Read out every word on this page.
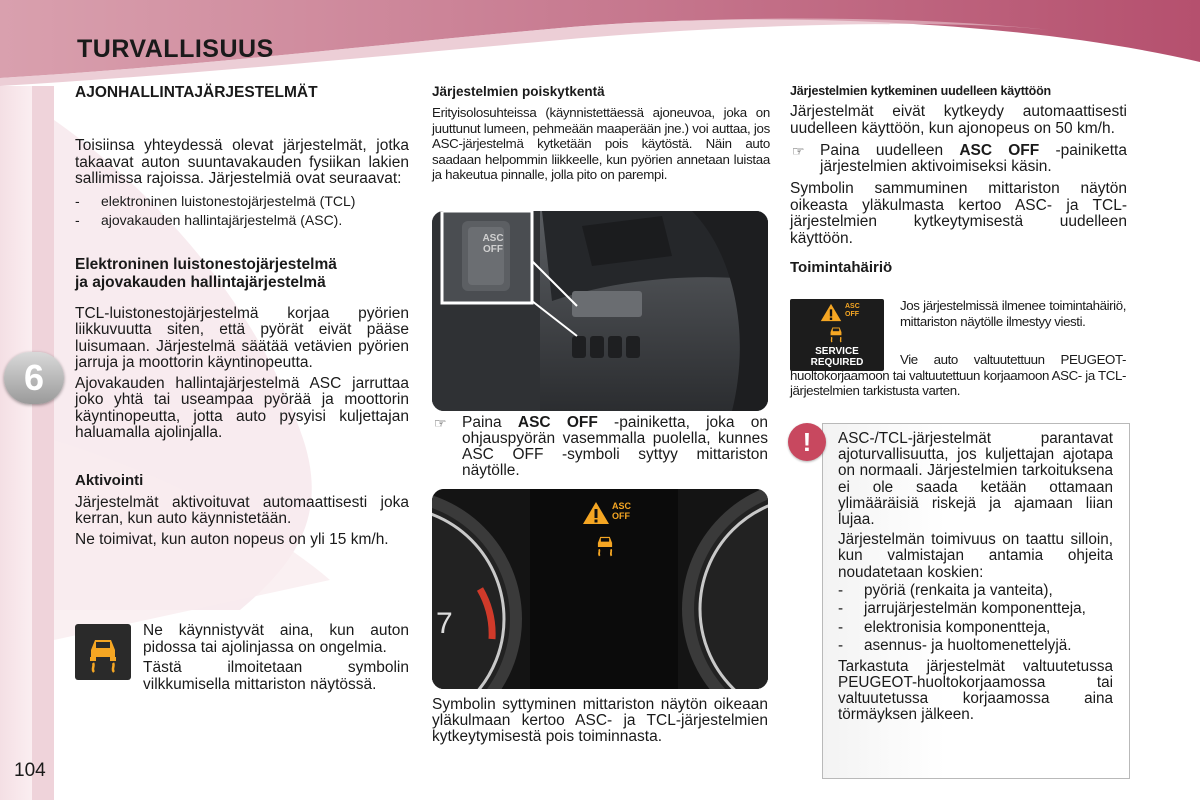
TURVALLISUUS
6
104
AJONHALLINTAJÄRJESTELMÄT

Toisiinsa yhteydessä olevat järjestelmät, jotka takaavat auton suuntavakauden fysiikan lakien sallimissa rajoissa. Järjestelmiä ovat seuraavat:

- elektroninen luistonestojärjestelmä (TCL)
- ajovakauden hallintajärjestelmä (ASC).
Elektroninen luistonestojärjestelmä
ja ajovakauden hallintajärjestelmä

TCL-luistonestojärjestelmä korjaa pyörien liikkuvuutta siten, että pyörät eivät pääse luisumaan. Järjestelmä säätää vetävien pyörien jarruja ja moottorin käyntinopeutta.

Ajovakauden hallintajärjestelmä ASC jarruttaa joko yhtä tai useampaa pyörää ja moottorin käyntinopeutta, jotta auto pysyisi kuljettajan haluamalla ajolinjalla.

Aktivointi

Järjestelmät aktivoituvat automaattisesti joka kerran, kun auto käynnistetään.

Ne toimivat, kun auton nopeus on yli 15 km/h.

Ne käynnistyvät aina, kun auton pidossa tai ajolinjassa on ongelmia.

Tästä ilmoitetaan symbolin vilkkumisella mittariston näytössä.

Järjestelmien poiskytkentä

Erityisolosuhteissa (käynnistettäessä ajoneuvoa, joka on juuttunut lumeen, pehmeään maaperään jne.) voi auttaa, jos ASC-järjestelmä kytketään pois käytöstä. Näin auto saadaan helpommin liikkeelle, kun pyörien annetaan luistaa ja hakeutua pinnalle, jolla pito on parempi.

ASC
OFF
☞ Paina ASC OFF -painiketta, joka on ohjauspyörän vasemmalla puolella, kunnes ASC OFF -symboli syttyy mittariston näytölle.
7
ASC
OFF

Symbolin syttyminen mittariston näytön oikeaan yläkulmaan kertoo ASC- ja TCL-järjestelmien kytkeytymisestä pois toiminnasta.

Järjestelmien kytkeminen uudelleen käyttöön

Järjestelmät eivät kytkeydy automaattisesti uudelleen käyttöön, kun ajonopeus on 50 km/h.

☞ Paina uudelleen ASC OFF -painiketta järjestelmien aktivoimiseksi käsin.

Symbolin sammuminen mittariston näytön oikeasta yläkulmasta kertoo ASC- ja TCL-järjestelmien kytkeytymisestä uudelleen käyttöön.

Toimintahäiriö
ASC
OFF
SERVICE
REQUIRED

Jos järjestelmissä ilmenee toimintahäiriö, mittariston näytölle ilmestyy viesti.

Vie auto valtuutettuun PEUGEOT-huoltokorjaamoon tai valtuutettuun korjaamoon ASC- ja TCL-järjestelmien tarkistusta varten.

!	ASC-/TCL-järjestelmät parantavat ajoturvallisuutta, jos kuljettajan ajotapa on normaali. Järjestelmien tarkoituksena ei ole saada ketään ottamaan ylimääräisiä riskejä ja ajamaan liian lujaa.

Järjestelmän toimivuus on taattu silloin, kun valmistajan antamia ohjeita noudatetaan koskien:

- pyöriä (renkaita ja vanteita),
- jarrujärjestelmän komponentteja,
- elektronisia komponentteja,
- asennus- ja huoltomenettelyjä.

Tarkastuta järjestelmät valtuutetussa PEUGEOT-huoltokorjaamossa tai valtuutetussa korjaamossa aina törmäyksen jälkeen.
